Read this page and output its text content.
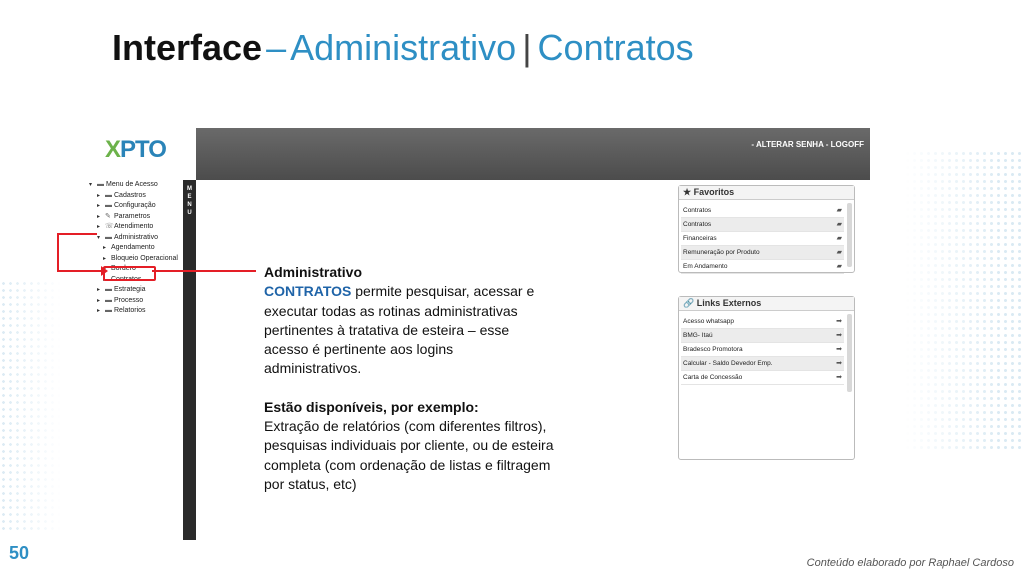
Interface – Administrativo | Contratos
XPTO	- ALTERAR SENHA - LOGOFF
▾ ▬ Menu de Acesso
▸ ▬ Cadastros
▸ ▬ Configuração
▸ ✎ Parametros
▸ ☏ Atendimento
▾ ▬ Administrativo
▸ Agendamento
▸ Bloqueio Operacional
▸ Bordero
▸ Contratos
▸ ▬ Estrategia
▸ ▬ Processo
▸ ▬ Relatorios
MENU
★ Favoritos
Contratos	▰
Contratos	▰
Financeiras	▰
Remuneração por Produto	▰
Em Andamento	▰
🔗 Links Externos
Acesso whatsapp	➡
BMG- Itaú	➡
Bradesco Promotora	➡
Calcular - Saldo Devedor Emp.	➡
Carta de Concessão	➡
Administrativo
CONTRATOS permite pesquisar, acessar e executar todas as rotinas administrativas pertinentes à tratativa de esteira – esse acesso é pertinente aos logins administrativos.
Estão disponíveis, por exemplo:
Extração de relatórios (com diferentes filtros), pesquisas individuais por cliente, ou de esteira completa (com ordenação de listas e filtragem por status, etc)
50	Conteúdo elaborado por Raphael Cardoso
